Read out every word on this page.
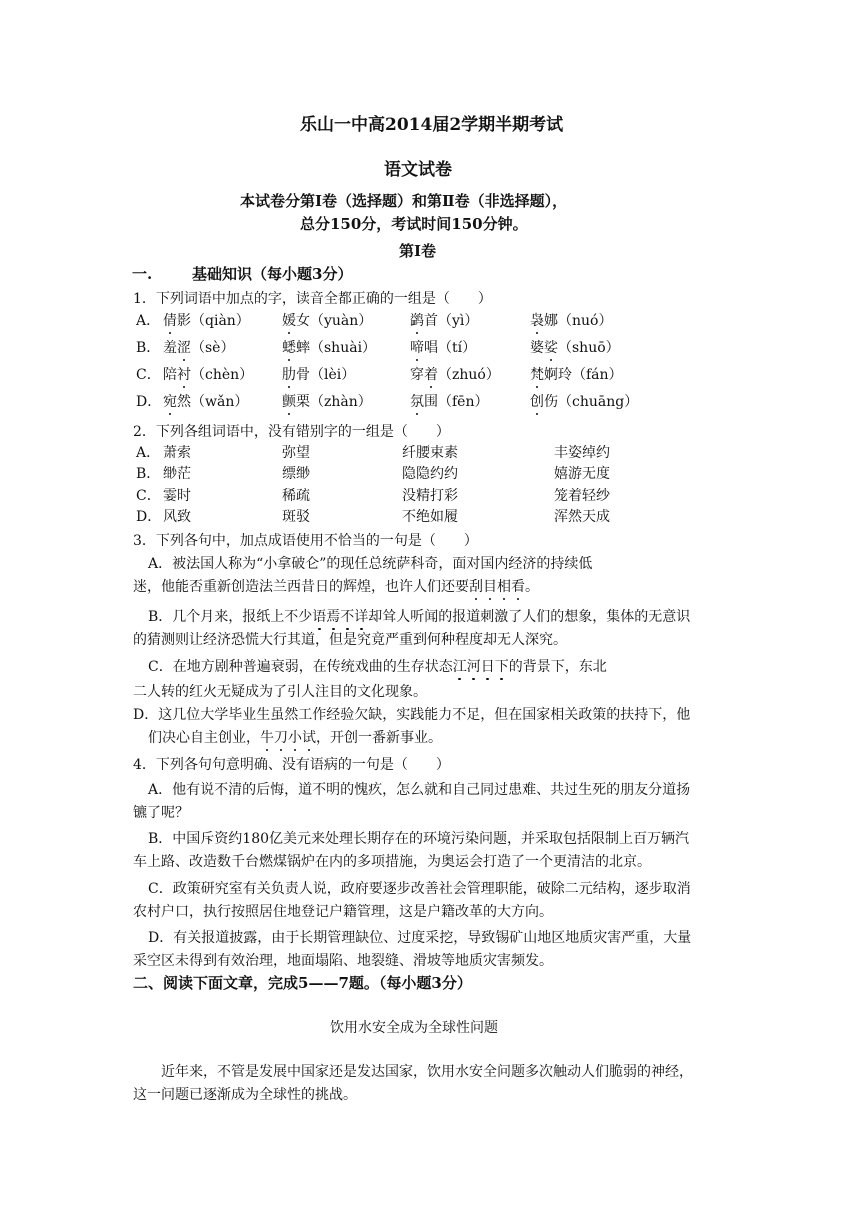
乐山一中高2014届2学期半期考试
语文试卷
本试卷分第Ⅰ卷（选择题）和第Ⅱ卷（非选择题），
总分150分，考试时间150分钟。
第Ⅰ卷
一.	基础知识（每小题3分）
1．下列词语中加点的字，读音全都正确的一组是（　　）
A． 倩影（qiàn） 媛女（yuàn）	鹢首（yì）	袅娜（nuó）
B． 羞涩（sè）	蟋蟀（shuài） 啼唱（tí）	婆娑（shuō）
C． 陪衬（chèn） 肋骨（lèi）	穿着（zhuó） 梵婀玲（fán）
D． 宛然（wǎn） 颤栗（zhàn）	氛围（fēn）	创伤（chuāng）
2．下列各组词语中，没有错别字的一组是（　　）
A． 萧索	弥望	纤腰束素	丰姿绰约
B． 缈茫	缥缈	隐隐约约	嬉游无度
C． 霎时	稀疏	没精打彩	笼着轻纱
D． 风致	斑驳	不绝如履	浑然天成
3．下列各句中，加点成语使用不恰当的一句是（　　）
A．被法国人称为“小拿破仑”的现任总统萨科奇，面对国内经济的持续低
迷，他能否重新创造法兰西昔日的辉煌，也许人们还要刮目相看。
B．几个月来，报纸上不少语焉不详却耸人听闻的报道刺激了人们的想象，集体的无意识
的猜测则让经济恐慌大行其道，但是究竟严重到何种程度却无人深究。
C．在地方剧种普遍衰弱，在传统戏曲的生存状态江河日下的背景下，东北
二人转的红火无疑成为了引人注目的文化现象。
D．这几位大学毕业生虽然工作经验欠缺，实践能力不足，但在国家相关政策的扶持下，他
们决心自主创业，牛刀小试，开创一番新事业。
4．下列各句句意明确、没有语病的一句是（　　）
A．他有说不清的后悔，道不明的愧疚，怎么就和自己同过患难、共过生死的朋友分道扬
镳了呢？
B．中国斥资约180亿美元来处理长期存在的环境污染问题，并采取包括限制上百万辆汽
车上路、改造数千台燃煤锅炉在内的多项措施，为奥运会打造了一个更清洁的北京。
C．政策研究室有关负责人说，政府要逐步改善社会管理职能，破除二元结构，逐步取消
农村户口，执行按照居住地登记户籍管理，这是户籍改革的大方向。
D．有关报道披露，由于长期管理缺位、过度采挖，导致锡矿山地区地质灾害严重，大量
采空区未得到有效治理，地面塌陷、地裂缝、滑坡等地质灾害频发。
二、阅读下面文章，完成5——7题。（每小题3分）
饮用水安全成为全球性问题
近年来，不管是发展中国家还是发达国家，饮用水安全问题多次触动人们脆弱的神经，
这一问题已逐渐成为全球性的挑战。
